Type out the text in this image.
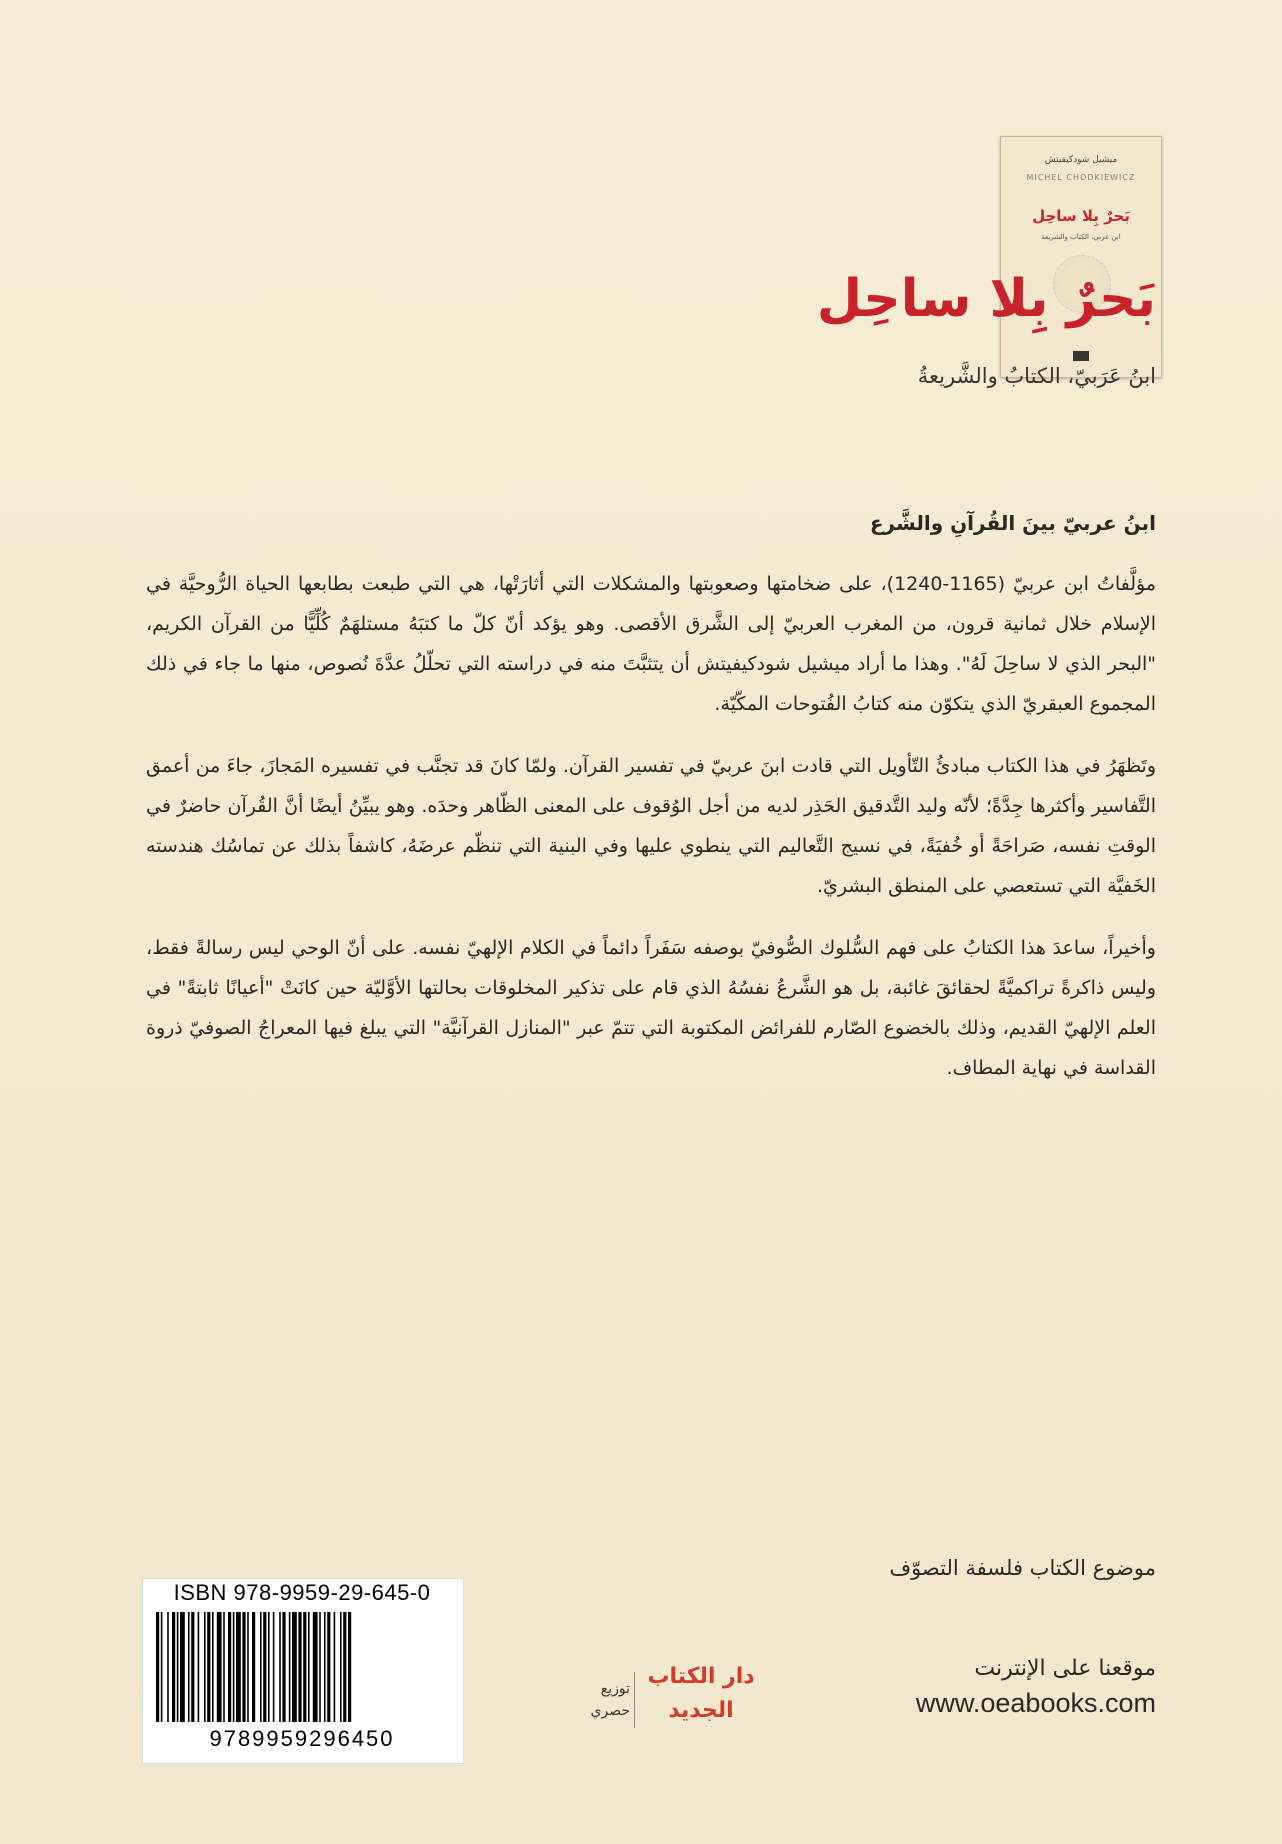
ميشيل شودكيفيتش
MICHEL CHODKIEWICZ
بَحرٌ بِلا ساحِل
ابن عربي، الكتاب والشريعة
بَحرٌ بِلا ساحِل
ابنُ عَرَبيّ، الكتابُ والشَّريعةُ
ابنُ عربيّ بينَ القُرآنِ والشَّرع

مؤلَّفاتُ ابن عربيّ (1165-1240)، على ضخامتها وصعوبتها والمشكلات التي أثارَتْها، هي التي طبعت بطابعها الحياة الرُّوحيَّة في الإسلام خلال ثمانية قرون، من المغرب العربيّ إلى الشَّرق الأقصى. وهو يؤكد أنّ كلّ ما كتبَهُ مستلهَمٌ كُلِّيًّا من القرآن الكريم، "البحر الذي لا ساحِلَ لَهُ". وهذا ما أراد ميشيل شودكيفيتش أن يتثبَّتَ منه في دراسته التي تحلّلُ عدَّةَ نُصوص، منها ما جاء في ذلك المجموع العبقريّ الذي يتكوّن منه كتابُ الفُتوحات المكّيّة.

وتَظهَرُ في هذا الكتاب مبادئُ التّأويل التي قادت ابنَ عربيّ في تفسير القرآن. ولمّا كانَ قد تجنَّب في تفسيره المَجازَ، جاءَ من أعمق التَّفاسير وأكثرها جِدَّةً؛ لأنّه وليد التَّدقيق الحَذِر لديه من أجل الوُقوف على المعنى الظّاهر وحدَه. وهو يبيِّنُ أيضًا أنَّ القُرآن حاضرٌ في الوقتِ نفسه، صَراحَةً أو خُفيَةً، في نسيج التَّعاليم التي ينطوي عليها وفي البنية التي تنظّم عرضَهُ، كاشفاً بذلك عن تماسُك هندسته الخَفيَّة التي تستعصي على المنطق البشريّ.

وأخيراً، ساعدَ هذا الكتابُ على فهم السُّلوك الصُّوفيّ بوصفه سَفَراً دائماً في الكلام الإلهيّ نفسه. على أنّ الوحي ليس رسالةً فقط، وليس ذاكرةً تراكميَّةً لحقائقَ غائبة، بل هو الشَّرعُ نفسُهُ الذي قام على تذكير المخلوقات بحالتها الأوَّليّة حين كانَتْ "أعيانًا ثابتةً" في العلم الإلهيّ القديم، وذلك بالخضوع الصّارم للفرائض المكتوبة التي تتمّ عبر "المنازل القرآنيَّة" التي يبلغ فيها المعراجُ الصوفيّ ذروة القداسة في نهاية المطاف.

موضوع الكتاب فلسفة التصوّف
موقعنا على الإنترنت
www.oeabooks.com
دار الكتاب الجديد
توزيع حصري
ISBN 978-9959-29-645-0
9789959296450
